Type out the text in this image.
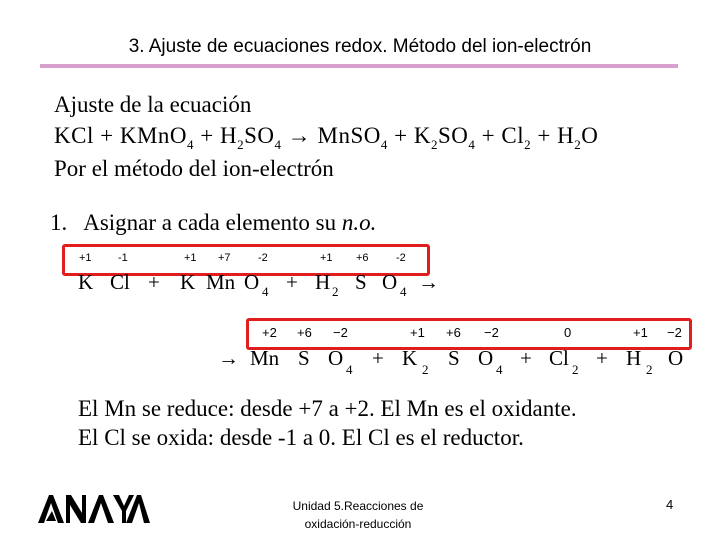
3. Ajuste de ecuaciones redox. Método del ion-electrón
Ajuste de la ecuación
KCl + KMnO$_4$ + $H_2SO_4$ → MnSO$_4$ + $K_2SO_4 + Cl_2 + H_2O$
Por el método del ion-electrón
1. Asignar a cada elemento su n.o.
+1 -1	+1 +7 -2	+1 +6 -2
K Cl + K Mn O 4 + H 2 S O 4 →
+2 +6 −2	+1 +6 −2	0	+1 −2
→ Mn S O 4 + K 2 S O 4 + Cl 2 + H 2 O
El Mn se reduce: desde +7 a +2. El Mn es el oxidante.
El Cl se oxida: desde -1 a 0. El Cl es el reductor.
Unidad 5.Reacciones de
oxidación-reducción
4
